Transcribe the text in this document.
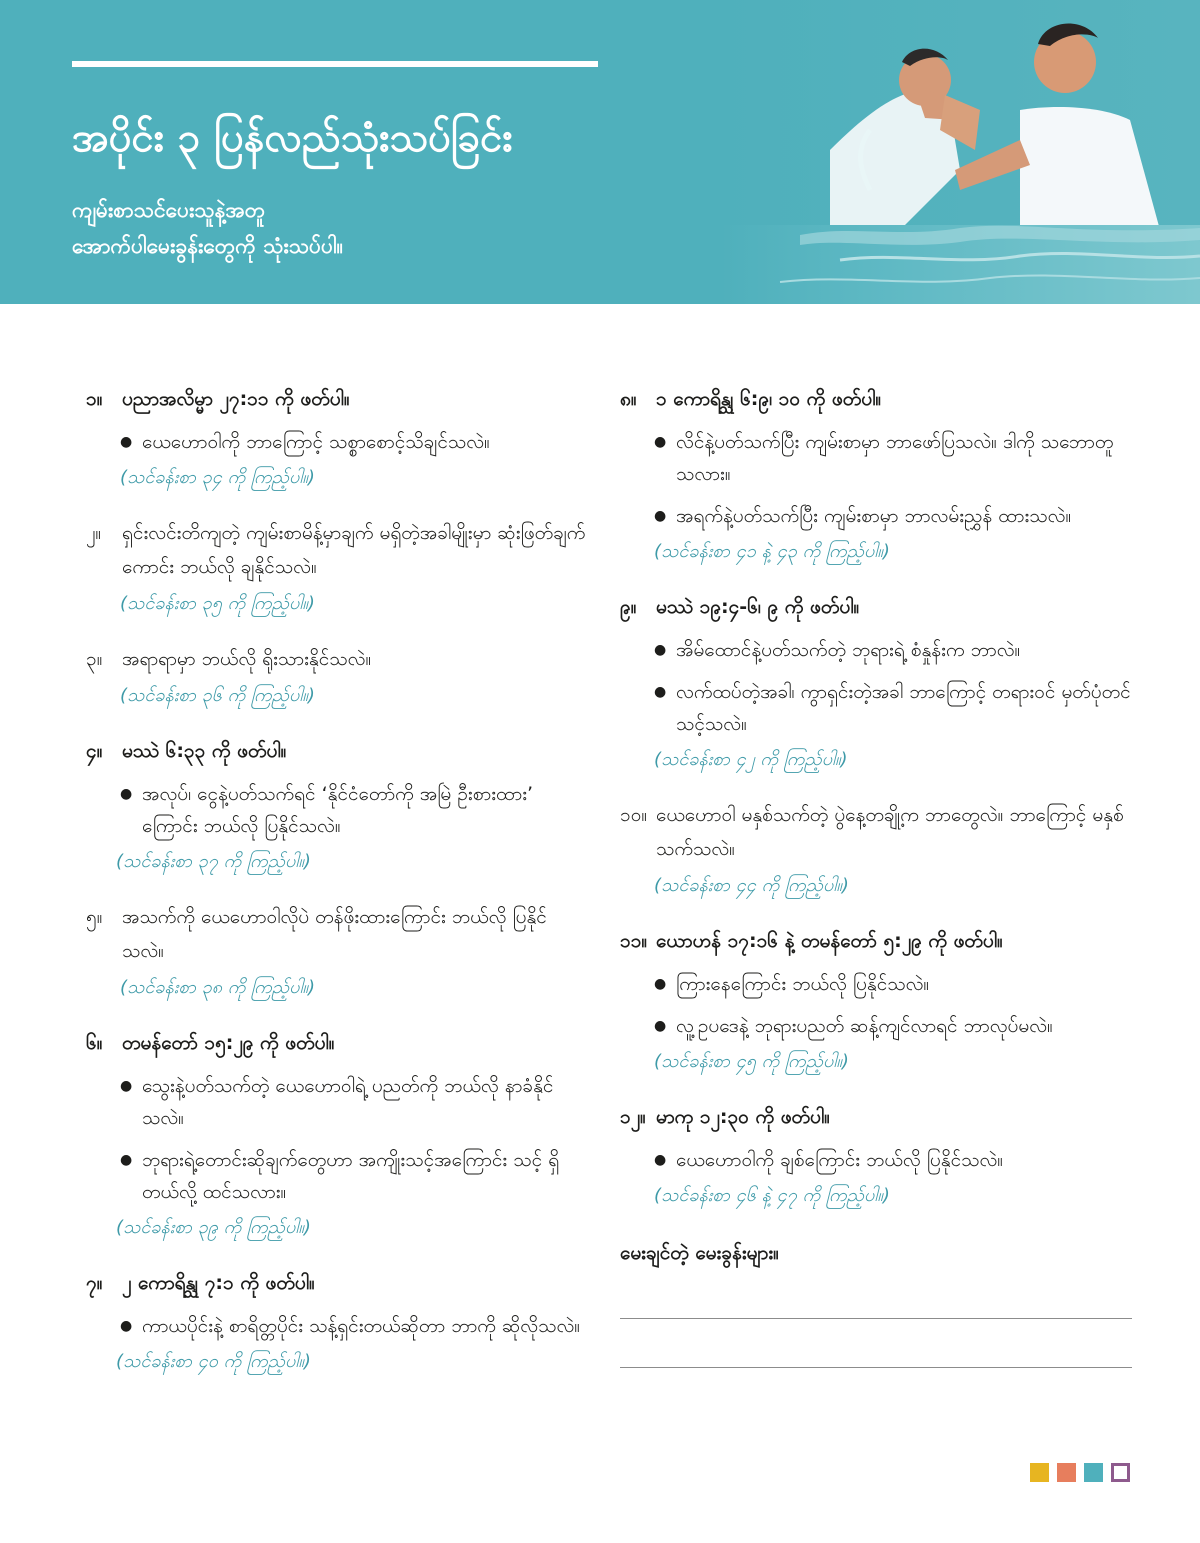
အပိုင်း ၃ ပြန်လည်သုံးသပ်ခြင်း
ကျမ်းစာသင်ပေးသူနဲ့အတူ
အောက်ပါမေးခွန်းတွေကို သုံးသပ်ပါ။
၁။	ပညာအလိမ္မာ ၂၇:၁၁ ကို ဖတ်ပါ။
● ယေဟောဝါကို ဘာကြောင့် သစ္စာစောင့်သိချင်သလဲ။
(သင်ခန်းစာ ၃၄ ကို ကြည့်ပါ။)
၂။	ရှင်းလင်းတိကျတဲ့ ကျမ်းစာမိန့်မှာချက် မရှိတဲ့အခါမျိုးမှာ ဆုံးဖြတ်ချက်ကောင်း ဘယ်လို ချနိုင်သလဲ။
(သင်ခန်းစာ ၃၅ ကို ကြည့်ပါ။)
၃။	အရာရာမှာ ဘယ်လို ရိုးသားနိုင်သလဲ။
(သင်ခန်းစာ ၃၆ ကို ကြည့်ပါ။)
၄။	မဿဲ ၆:၃၃ ကို ဖတ်ပါ။
● အလုပ်၊ ငွေနဲ့ပတ်သက်ရင် ‘နိုင်ငံတော်ကို အမြဲ ဦးစားထား’ ကြောင်း ဘယ်လို ပြနိုင်သလဲ။
(သင်ခန်းစာ ၃၇ ကို ကြည့်ပါ။)
၅။	အသက်ကို ယေဟောဝါလိုပဲ တန်ဖိုးထားကြောင်း ဘယ်လို ပြနိုင်သလဲ။
(သင်ခန်းစာ ၃၈ ကို ကြည့်ပါ။)
၆။	တမန်တော် ၁၅:၂၉ ကို ဖတ်ပါ။
● သွေးနဲ့ပတ်သက်တဲ့ ယေဟောဝါရဲ့ ပညတ်ကို ဘယ်လို နာခံနိုင်သလဲ။
● ဘုရားရဲ့တောင်းဆိုချက်တွေဟာ အကျိုးသင့်အကြောင်း သင့် ရှိတယ်လို့ ထင်သလား။
(သင်ခန်းစာ ၃၉ ကို ကြည့်ပါ။)
၇။	၂ ကောရိန္သု ၇:၁ ကို ဖတ်ပါ။
● ကာယပိုင်းနဲ့ စာရိတ္တပိုင်း သန့်ရှင်းတယ်ဆိုတာ ဘာကို ဆိုလိုသလဲ။
(သင်ခန်းစာ ၄၀ ကို ကြည့်ပါ။)
၈။	၁ ကောရိန္သု ၆:၉၊ ၁၀ ကို ဖတ်ပါ။
● လိင်နဲ့ပတ်သက်ပြီး ကျမ်းစာမှာ ဘာဖော်ပြသလဲ။ ဒါကို သဘောတူသလား။
● အရက်နဲ့ပတ်သက်ပြီး ကျမ်းစာမှာ ဘာလမ်းညွှန် ထားသလဲ။
(သင်ခန်းစာ ၄၁ နဲ့ ၄၃ ကို ကြည့်ပါ။)
၉။	မဿဲ ၁၉:၄-၆၊ ၉ ကို ဖတ်ပါ။
● အိမ်ထောင်နဲ့ပတ်သက်တဲ့ ဘုရားရဲ့ စံနှုန်းက ဘာလဲ။
● လက်ထပ်တဲ့အခါ၊ ကွာရှင်းတဲ့အခါ ဘာကြောင့် တရားဝင် မှတ်ပုံတင်သင့်သလဲ။
(သင်ခန်းစာ ၄၂ ကို ကြည့်ပါ။)
၁၀။ ယေဟောဝါ မနှစ်သက်တဲ့ ပွဲနေ့တချို့က ဘာတွေလဲ။ ဘာကြောင့် မနှစ်သက်သလဲ။
(သင်ခန်းစာ ၄၄ ကို ကြည့်ပါ။)
၁၁။ ယောဟန် ၁၇:၁၆ နဲ့ တမန်တော် ၅:၂၉ ကို ဖတ်ပါ။
● ကြားနေကြောင်း ဘယ်လို ပြနိုင်သလဲ။
● လူ့ဥပဒေနဲ့ ဘုရားပညတ် ဆန့်ကျင်လာရင် ဘာလုပ်မလဲ။
(သင်ခန်းစာ ၄၅ ကို ကြည့်ပါ။)
၁၂။ မာကု ၁၂:၃၀ ကို ဖတ်ပါ။
● ယေဟောဝါကို ချစ်ကြောင်း ဘယ်လို ပြနိုင်သလဲ။
(သင်ခန်းစာ ၄၆ နဲ့ ၄၇ ကို ကြည့်ပါ။)
မေးချင်တဲ့ မေးခွန်းများ။
